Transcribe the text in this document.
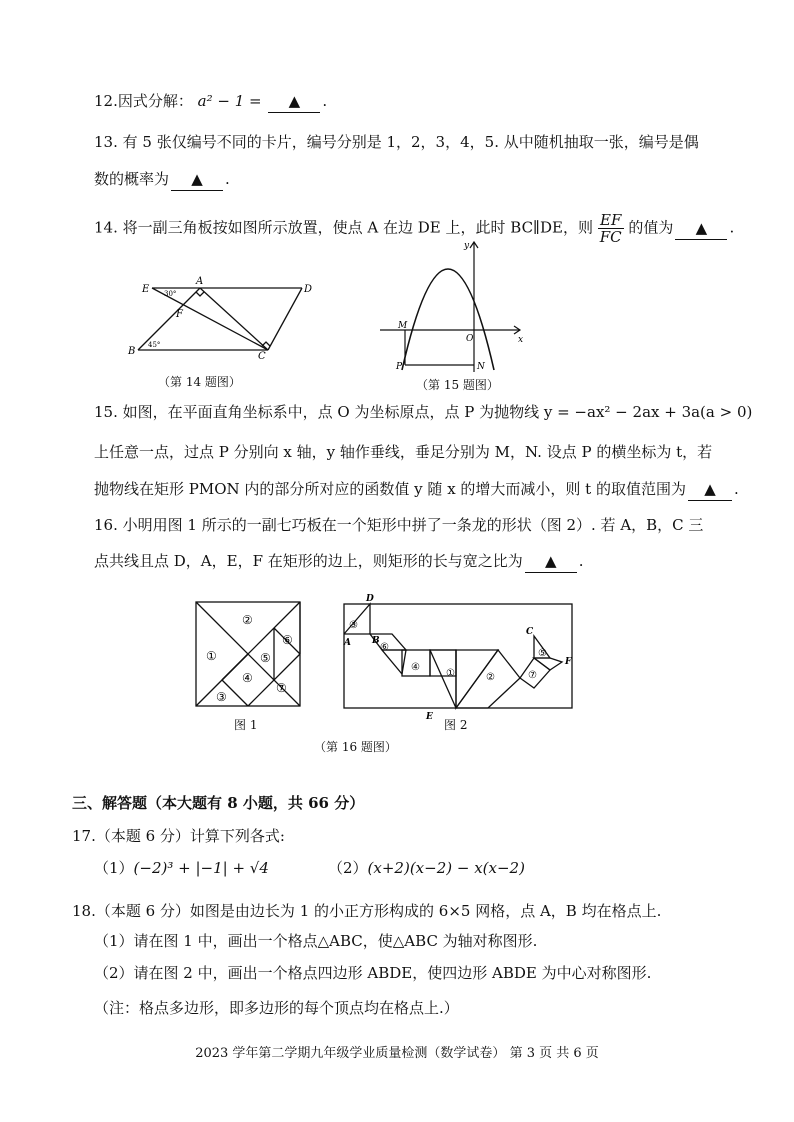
12.因式分解： a² − 1 = ▲ .
13. 有 5 张仅编号不同的卡片，编号分别是 1，2，3，4，5. 从中随机抽取一张，编号是偶
数的概率为 ▲ .
14. 将一副三角板按如图所示放置，使点 A 在边 DE 上，此时 BC∥DE，则 $\frac{EF}{FC}$ 的值为 ▲ .
E
A
D
F
B	C
30°
45°
（第 14 题图）
y
x
M
O
P	N
（第 15 题图）
15. 如图，在平面直角坐标系中，点 O 为坐标原点，点 P 为抛物线 y = −ax² − 2ax + 3a(a > 0)
上任意一点，过点 P 分别向 x 轴，y 轴作垂线，垂足分别为 M，N. 设点 P 的横坐标为 t，若
抛物线在矩形 PMON 内的部分所对应的函数值 y 随 x 的增大而减小，则 t 的取值范围为 ▲ .
16. 小明用图 1 所示的一副七巧板在一个矩形中拼了一条龙的形状（图 2）. 若 A，B，C 三
点共线且点 D，A，E，F 在矩形的边上，则矩形的长与宽之比为 ▲ .
①
②
③
④
⑤
⑥
⑦
图 1
③
⑥
④
①	②	⑦
⑤
D
A B
C
F
E
图 2
（第 16 题图）
三、解答题（本大题有 8 小题，共 66 分）
17.（本题 6 分）计算下列各式:
（1）(−2)³ + |−1| + √4	（2）(x+2)(x−2) − x(x−2)
18.（本题 6 分）如图是由边长为 1 的小正方形构成的 6×5 网格，点 A，B 均在格点上.
（1）请在图 1 中，画出一个格点△ABC，使△ABC 为轴对称图形.
（2）请在图 2 中，画出一个格点四边形 ABDE，使四边形 ABDE 为中心对称图形.
（注：格点多边形，即多边形的每个顶点均在格点上.）
2023 学年第二学期九年级学业质量检测（数学试卷） 第 3 页 共 6 页
